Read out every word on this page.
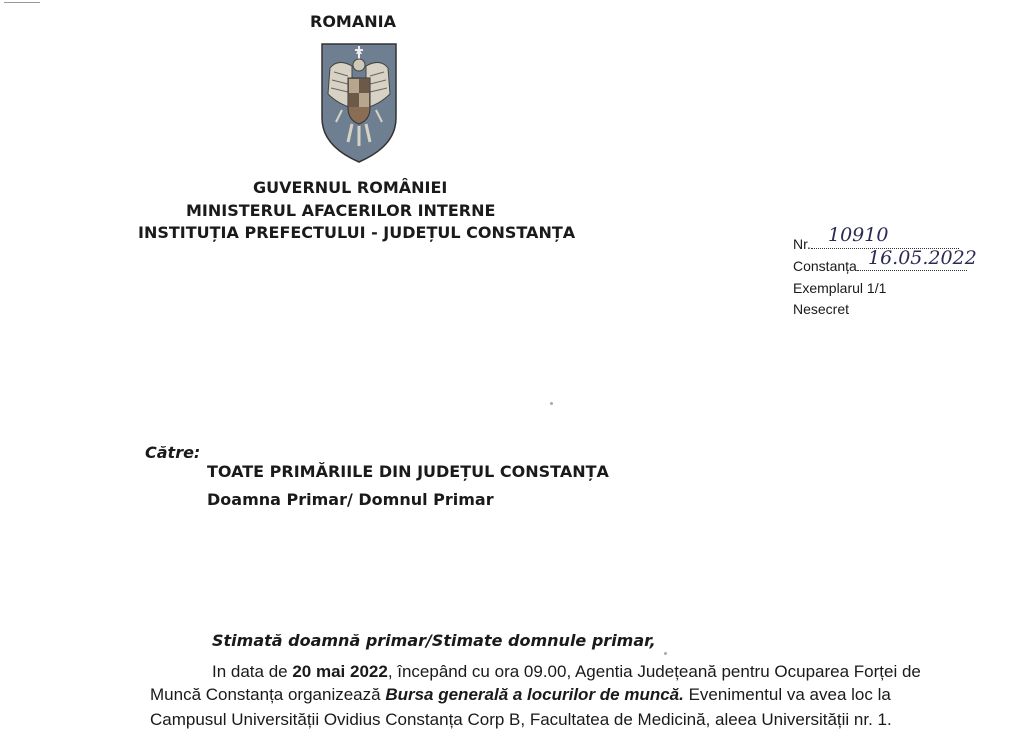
ROMANIA
GUVERNUL ROMÂNIEI
MINISTERUL AFACERILOR INTERNE
INSTITUȚIA PREFECTULUI - JUDEȚUL CONSTANȚA
Nr. 10910
Constanța 16.05.2022
Exemplarul 1/1
Nesecret
Către:
TOATE PRIMĂRIILE DIN JUDEȚUL CONSTANȚA
Doamna Primar/ Domnul Primar
Stimată doamnă primar/Stimate domnule primar,
In data de 20 mai 2022, începând cu ora 09.00, Agentia Județeană pentru Ocuparea Forței de
Muncă Constanța organizează Bursa generală a locurilor de muncă. Evenimentul va avea loc la
Campusul Universității Ovidius Constanța Corp B, Facultatea de Medicină, aleea Universității nr. 1.
